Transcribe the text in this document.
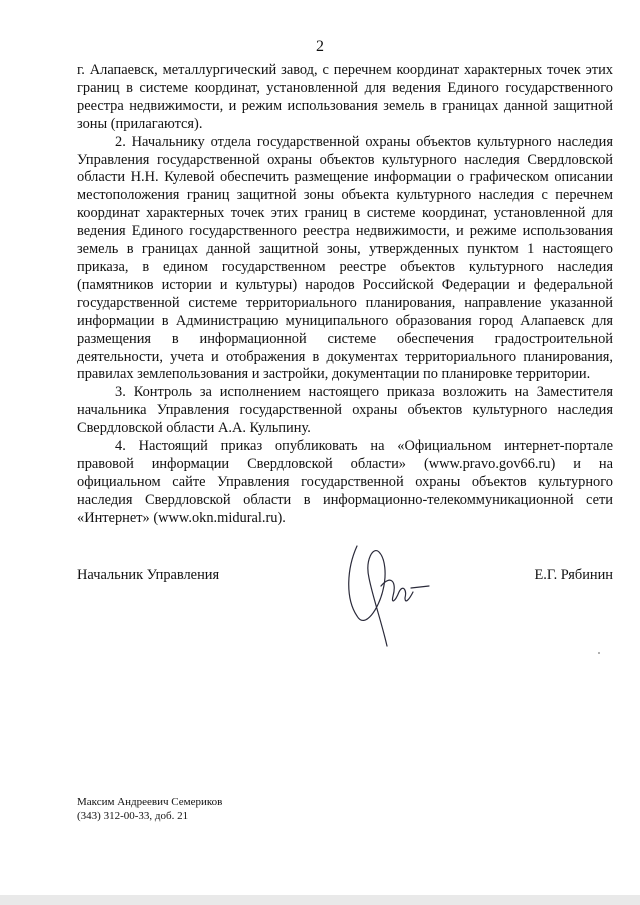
2

г. Алапаевск, металлургический завод, с перечнем координат характерных точек этих границ в системе координат, установленной для ведения Единого государственного реестра недвижимости, и режим использования земель в границах данной защитной зоны (прилагаются).

2. Начальнику отдела государственной охраны объектов культурного наследия Управления государственной охраны объектов культурного наследия Свердловской области Н.Н. Кулевой обеспечить размещение информации о графическом описании местоположения границ защитной зоны объекта культурного наследия с перечнем координат характерных точек этих границ в системе координат, установленной для ведения Единого государственного реестра недвижимости, и режиме использования земель в границах данной защитной зоны, утвержденных пунктом 1 настоящего приказа, в едином государственном реестре объектов культурного наследия (памятников истории и культуры) народов Российской Федерации и федеральной государственной системе территориального планирования, направление указанной информации в Администрацию муниципального образования город Алапаевск для размещения в информационной системе обеспечения градостроительной деятельности, учета и отображения в документах территориального планирования, правилах землепользования и застройки, документации по планировке территории.

3. Контроль за исполнением настоящего приказа возложить на Заместителя начальника Управления государственной охраны объектов культурного наследия Свердловской области А.А. Кульпину.

4. Настоящий приказ опубликовать на «Официальном интернет-портале правовой информации Свердловской области» (www.pravo.gov66.ru) и на официальном сайте Управления государственной охраны объектов культурного наследия Свердловской области в информационно-телекоммуникационной сети «Интернет» (www.okn.midural.ru).

Начальник Управления	Е.Г. Рябинин
Максим Андреевич Семериков
(343) 312-00-33, доб. 21
